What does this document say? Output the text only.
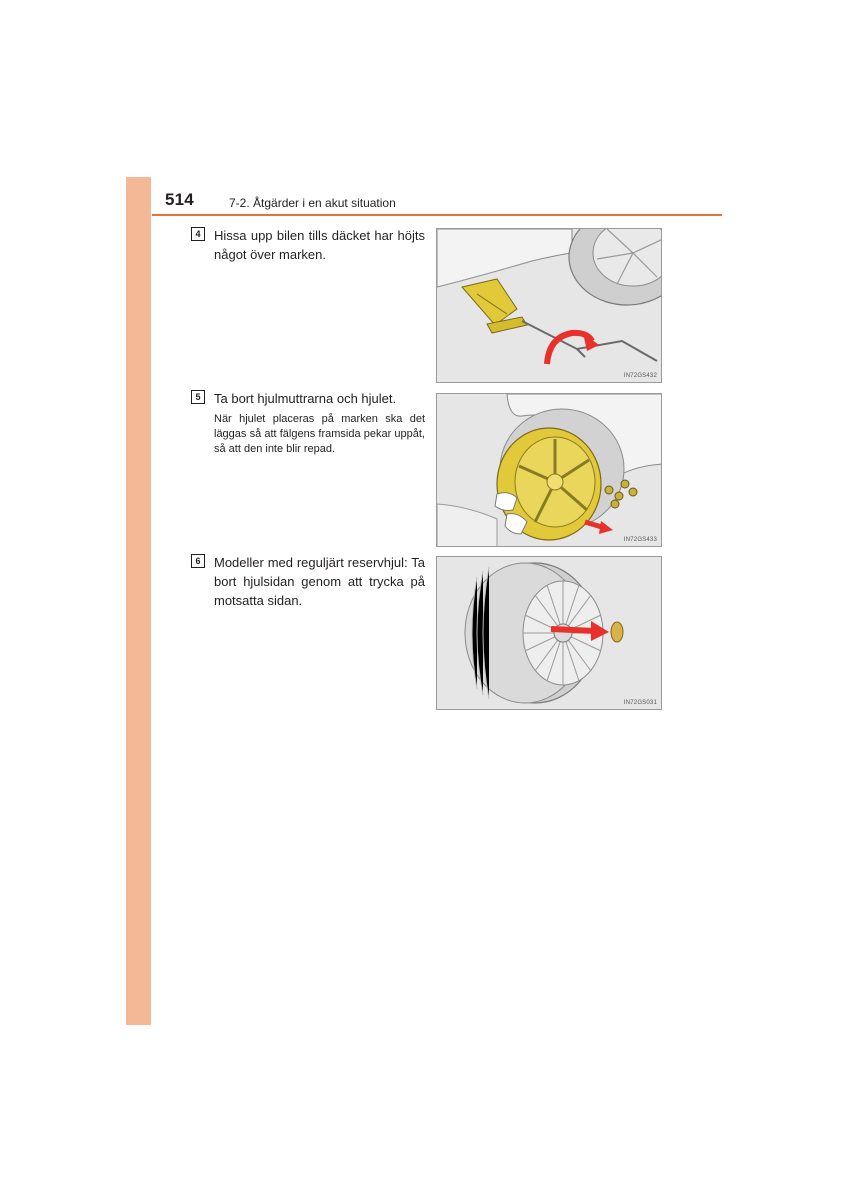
514	7-2. Åtgärder i en akut situation
4	Hissa upp bilen tills däcket har höjts något över marken.
IN72GS432
5	Ta bort hjulmuttrarna och hjulet.
När hjulet placeras på marken ska det läggas så att fälgens framsida pekar uppåt, så att den inte blir repad.
IN72GS433
6	Modeller med reguljärt reservhjul: Ta bort hjulsidan genom att trycka på motsatta sidan.
IN72GS031
